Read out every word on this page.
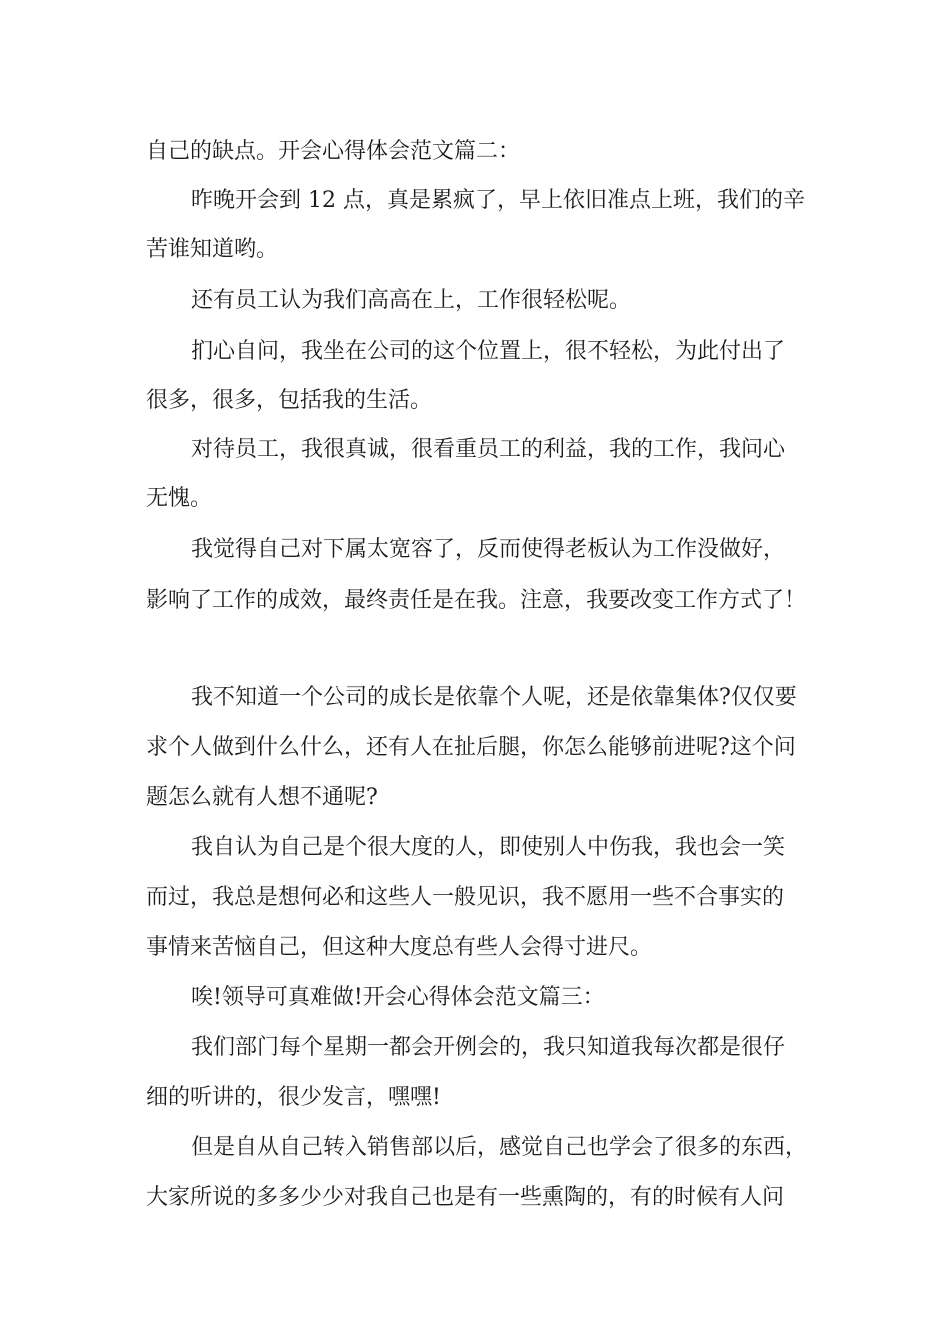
自己的缺点。开会心得体会范文篇二：
昨晚开会到 12 点，真是累疯了，早上依旧准点上班，我们的辛
苦谁知道哟。
还有员工认为我们高高在上，工作很轻松呢。
扪心自问，我坐在公司的这个位置上，很不轻松，为此付出了
很多，很多，包括我的生活。
对待员工，我很真诚，很看重员工的利益，我的工作，我问心
无愧。
我觉得自己对下属太宽容了，反而使得老板认为工作没做好，
影响了工作的成效，最终责任是在我。注意，我要改变工作方式了！
我不知道一个公司的成长是依靠个人呢，还是依靠集体?仅仅要
求个人做到什么什么，还有人在扯后腿，你怎么能够前进呢?这个问
题怎么就有人想不通呢?
我自认为自己是个很大度的人，即使别人中伤我，我也会一笑
而过，我总是想何必和这些人一般见识，我不愿用一些不合事实的
事情来苦恼自己，但这种大度总有些人会得寸进尺。
唉!领导可真难做!开会心得体会范文篇三：
我们部门每个星期一都会开例会的，我只知道我每次都是很仔
细的听讲的，很少发言，嘿嘿!
但是自从自己转入销售部以后，感觉自己也学会了很多的东西，
大家所说的多多少少对我自己也是有一些熏陶的，有的时候有人问
